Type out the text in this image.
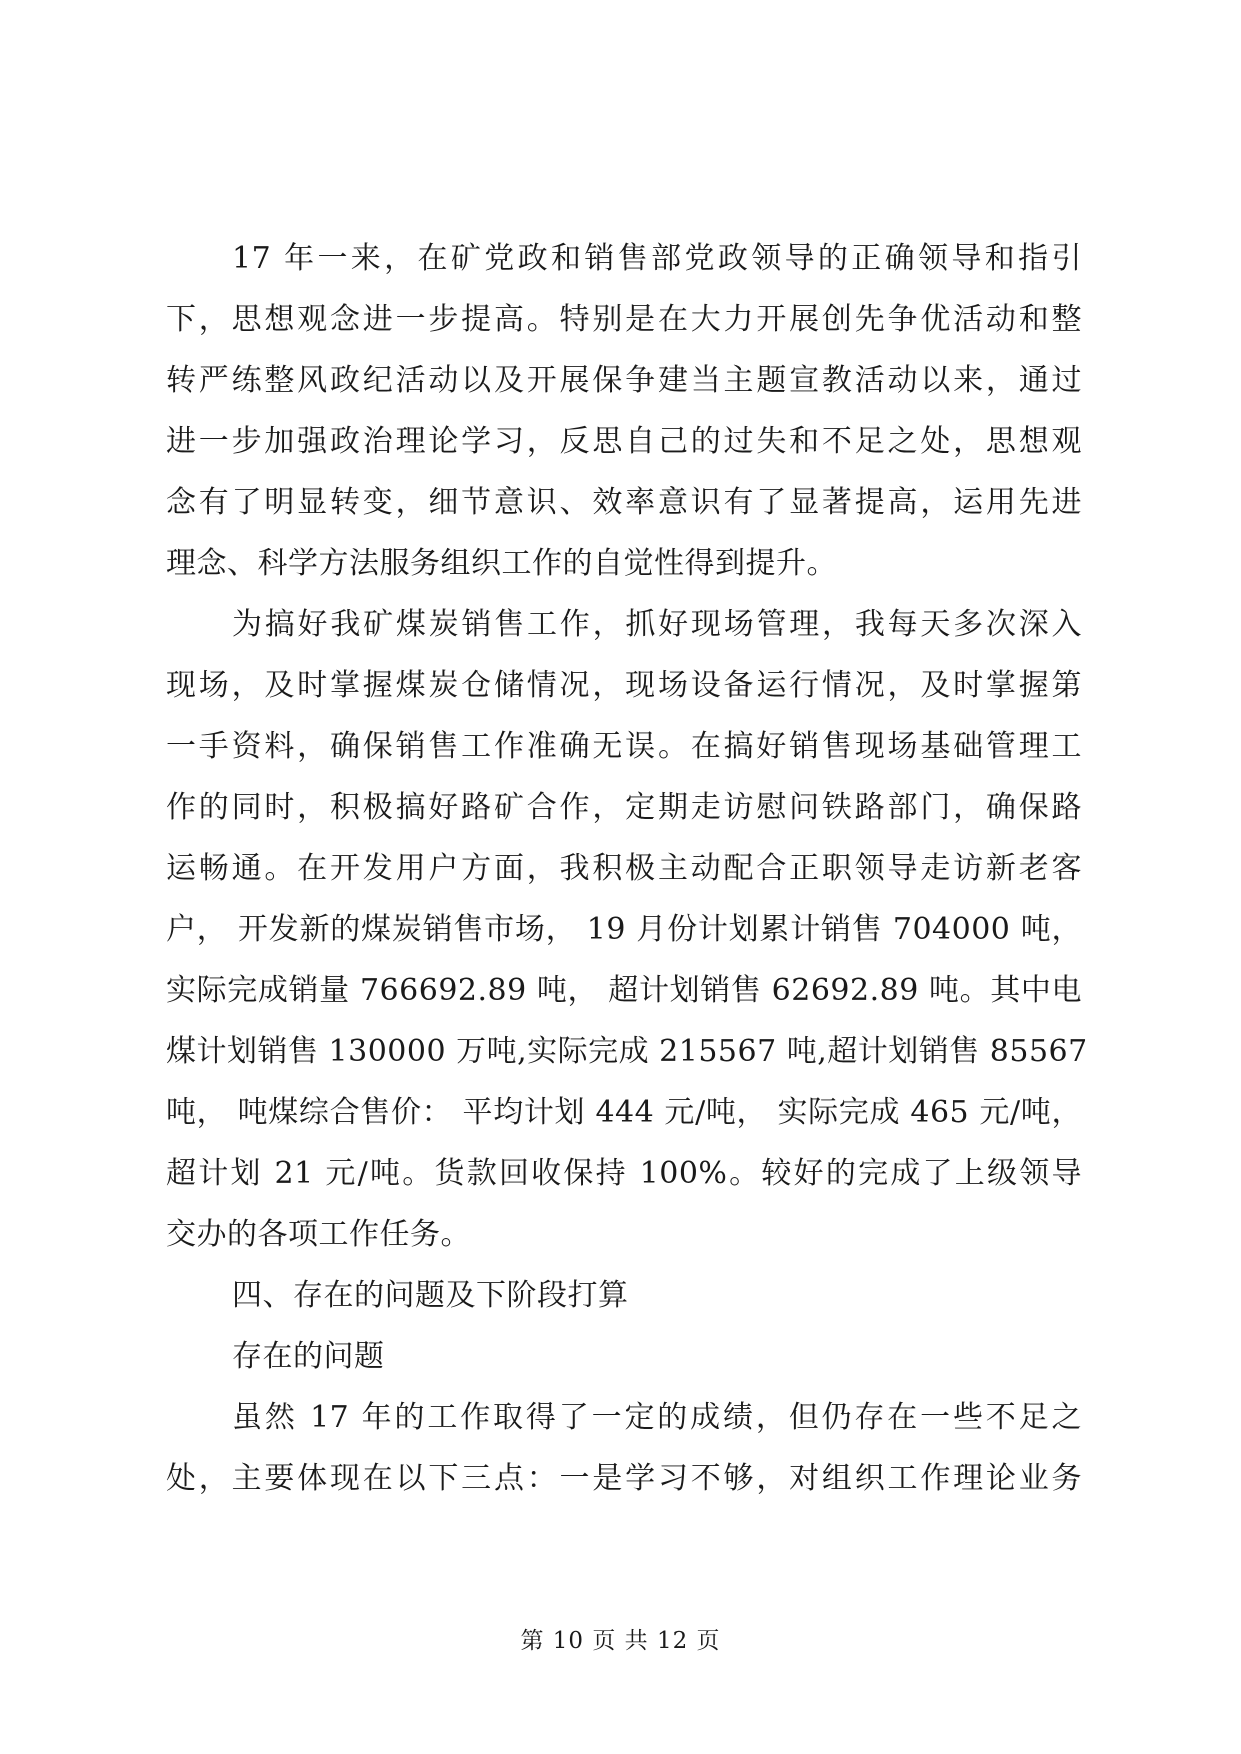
17 年一来，在矿党政和销售部党政领导的正确领导和指引
下，思想观念进一步提高。特别是在大力开展创先争优活动和整
转严练整风政纪活动以及开展保争建当主题宣教活动以来，通过
进一步加强政治理论学习，反思自己的过失和不足之处，思想观
念有了明显转变，细节意识、效率意识有了显著提高，运用先进
理念、科学方法服务组织工作的自觉性得到提升。
为搞好我矿煤炭销售工作，抓好现场管理，我每天多次深入
现场，及时掌握煤炭仓储情况，现场设备运行情况，及时掌握第
一手资料，确保销售工作准确无误。在搞好销售现场基础管理工
作的同时，积极搞好路矿合作，定期走访慰问铁路部门，确保路
运畅通。在开发用户方面，我积极主动配合正职领导走访新老客
户， 开发新的煤炭销售市场， 19 月份计划累计销售 704000 吨，
实际完成销量 766692.89 吨， 超计划销售 62692.89 吨。其中电
煤计划销售 130000 万吨,实际完成 215567 吨,超计划销售 85567
吨， 吨煤综合售价： 平均计划 444 元/吨， 实际完成 465 元/吨，
超计划 21 元/吨。货款回收保持 100%。较好的完成了上级领导
交办的各项工作任务。
四、存在的问题及下阶段打算
存在的问题
虽然 17 年的工作取得了一定的成绩，但仍存在一些不足之
处，主要体现在以下三点：一是学习不够，对组织工作理论业务
第 10 页 共 12 页
